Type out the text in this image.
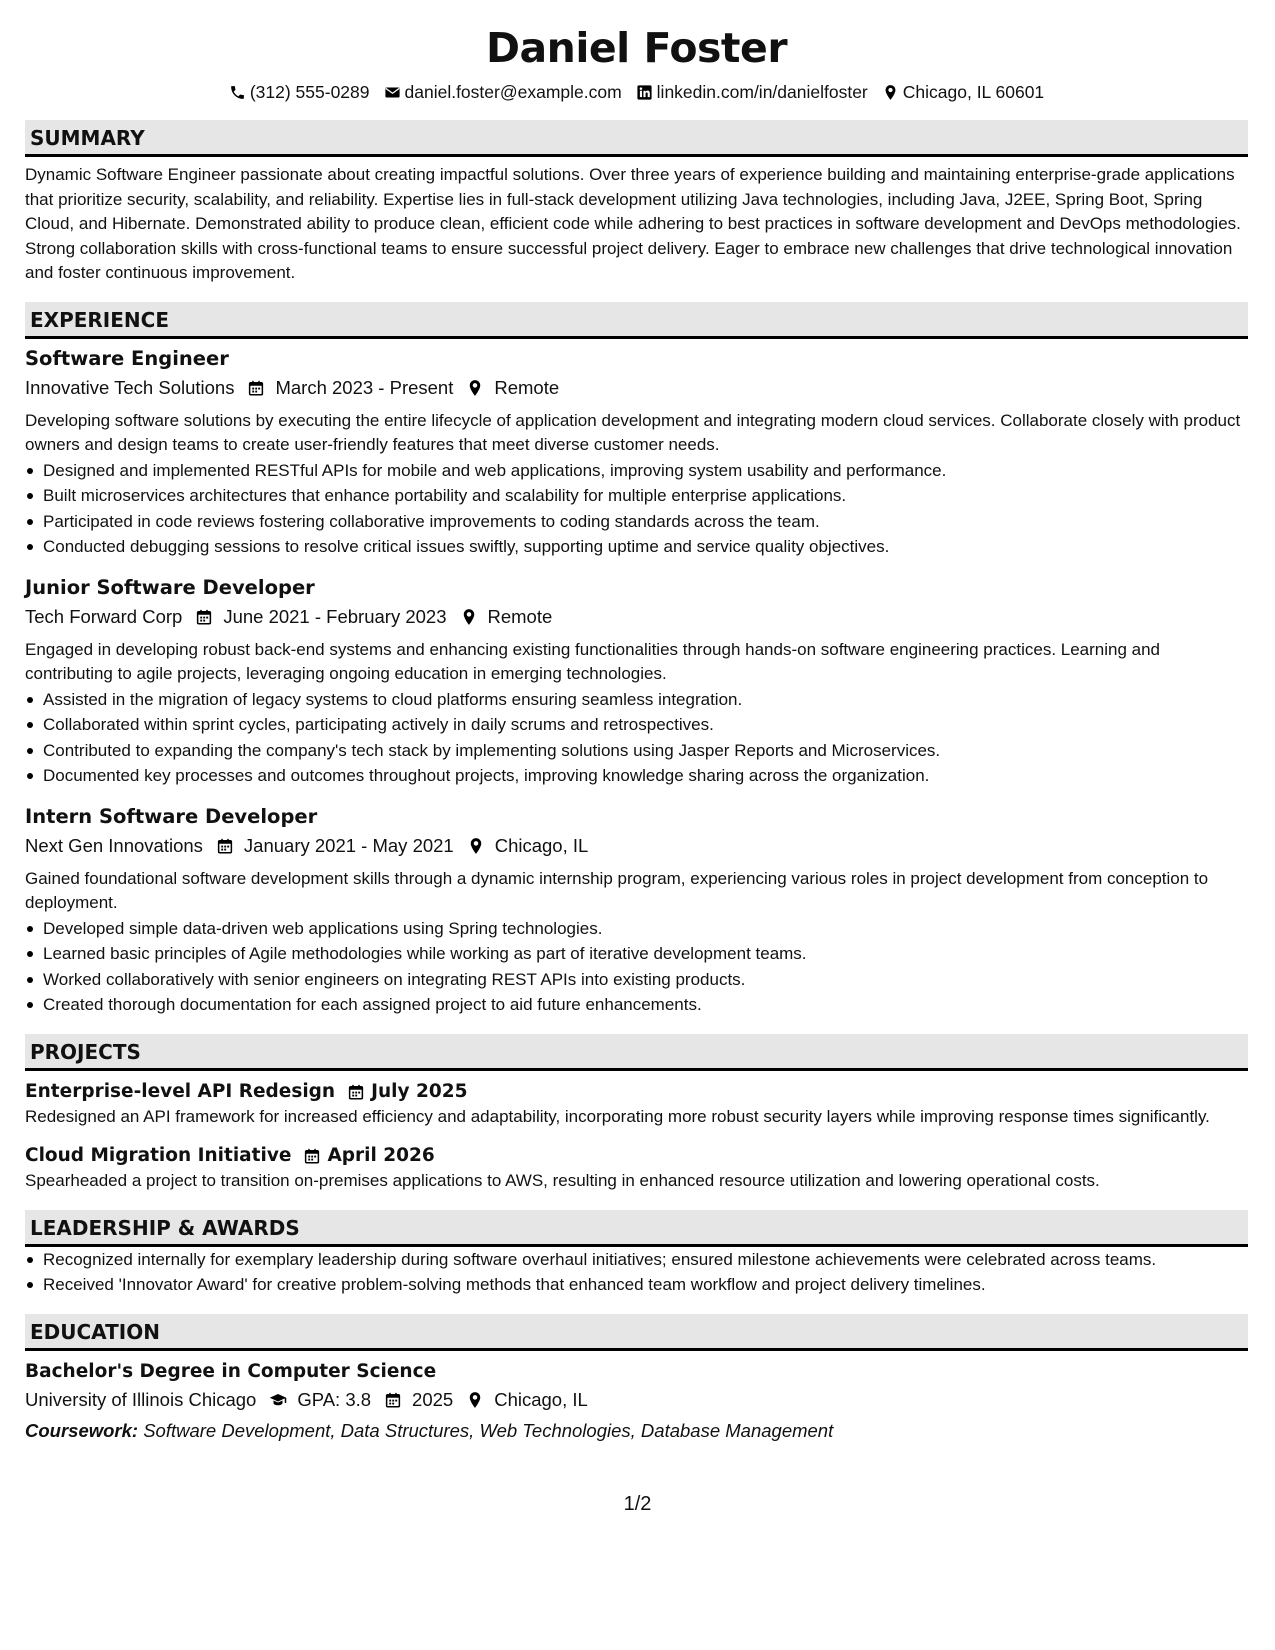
Daniel Foster
(312) 555-0289 daniel.foster@example.com linkedin.com/in/danielfoster Chicago, IL 60601
SUMMARY

Dynamic Software Engineer passionate about creating impactful solutions. Over three years of experience building and maintaining enterprise-grade applications that prioritize security, scalability, and reliability. Expertise lies in full-stack development utilizing Java technologies, including Java, J2EE, Spring Boot, Spring Cloud, and Hibernate. Demonstrated ability to produce clean, efficient code while adhering to best practices in software development and DevOps methodologies. Strong collaboration skills with cross-functional teams to ensure successful project delivery. Eager to embrace new challenges that drive technological innovation and foster continuous improvement.

EXPERIENCE
Software Engineer
Innovative Tech Solutions March 2023 - Present Remote

Developing software solutions by executing the entire lifecycle of application development and integrating modern cloud services. Collaborate closely with product owners and design teams to create user-friendly features that meet diverse customer needs.

Designed and implemented RESTful APIs for mobile and web applications, improving system usability and performance.
Built microservices architectures that enhance portability and scalability for multiple enterprise applications.
Participated in code reviews fostering collaborative improvements to coding standards across the team.
Conducted debugging sessions to resolve critical issues swiftly, supporting uptime and service quality objectives.
Junior Software Developer
Tech Forward Corp June 2021 - February 2023 Remote

Engaged in developing robust back-end systems and enhancing existing functionalities through hands-on software engineering practices. Learning and contributing to agile projects, leveraging ongoing education in emerging technologies.

Assisted in the migration of legacy systems to cloud platforms ensuring seamless integration.
Collaborated within sprint cycles, participating actively in daily scrums and retrospectives.
Contributed to expanding the company's tech stack by implementing solutions using Jasper Reports and Microservices.
Documented key processes and outcomes throughout projects, improving knowledge sharing across the organization.
Intern Software Developer
Next Gen Innovations January 2021 - May 2021 Chicago, IL

Gained foundational software development skills through a dynamic internship program, experiencing various roles in project development from conception to deployment.

Developed simple data-driven web applications using Spring technologies.
Learned basic principles of Agile methodologies while working as part of iterative development teams.
Worked collaboratively with senior engineers on integrating REST APIs into existing products.
Created thorough documentation for each assigned project to aid future enhancements.
PROJECTS
Enterprise-level API Redesign July 2025

Redesigned an API framework for increased efficiency and adaptability, incorporating more robust security layers while improving response times significantly.

Cloud Migration Initiative April 2026

Spearheaded a project to transition on-premises applications to AWS, resulting in enhanced resource utilization and lowering operational costs.

LEADERSHIP & AWARDS
Recognized internally for exemplary leadership during software overhaul initiatives; ensured milestone achievements were celebrated across teams.
Received 'Innovator Award' for creative problem-solving methods that enhanced team workflow and project delivery timelines.
EDUCATION
Bachelor's Degree in Computer Science
University of Illinois Chicago GPA: 3.8 2025 Chicago, IL
Coursework: Software Development, Data Structures, Web Technologies, Database Management
1/2
